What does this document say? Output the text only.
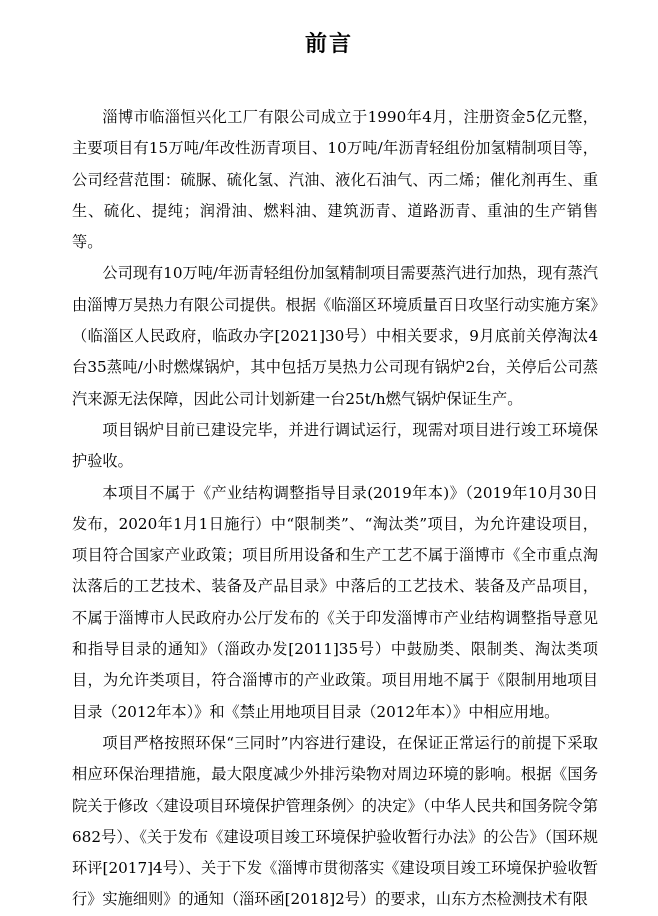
前言

淄博市临淄恒兴化工厂有限公司成立于1990年4月，注册资金5亿元整，主要项目有15万吨/年改性沥青项目、10万吨/年沥青轻组份加氢精制项目等，公司经营范围：硫脲、硫化氢、汽油、液化石油气、丙二烯；催化剂再生、重生、硫化、提纯；润滑油、燃料油、建筑沥青、道路沥青、重油的生产销售等。

公司现有10万吨/年沥青轻组份加氢精制项目需要蒸汽进行加热，现有蒸汽由淄博万昊热力有限公司提供。根据《临淄区环境质量百日攻坚行动实施方案》（临淄区人民政府，临政办字[2021]30号）中相关要求，9月底前关停淘汰4台35蒸吨/小时燃煤锅炉，其中包括万昊热力公司现有锅炉2台，关停后公司蒸汽来源无法保障，因此公司计划新建一台25t/h燃气锅炉保证生产。

项目锅炉目前已建设完毕，并进行调试运行，现需对项目进行竣工环境保护验收。

本项目不属于《产业结构调整指导目录(2019年本)》（2019年10月30日发布，2020年1月1日施行）中“限制类”、“淘汰类”项目，为允许建设项目，项目符合国家产业政策；项目所用设备和生产工艺不属于淄博市《全市重点淘汰落后的工艺技术、装备及产品目录》中落后的工艺技术、装备及产品项目，不属于淄博市人民政府办公厅发布的《关于印发淄博市产业结构调整指导意见和指导目录的通知》（淄政办发[2011]35号）中鼓励类、限制类、淘汰类项目，为允许类项目，符合淄博市的产业政策。项目用地不属于《限制用地项目目录（2012年本）》和《禁止用地项目目录（2012年本）》中相应用地。

项目严格按照环保“三同时”内容进行建设，在保证正常运行的前提下采取相应环保治理措施，最大限度减少外排污染物对周边环境的影响。根据《国务院关于修改〈建设项目环境保护管理条例〉的决定》（中华人民共和国务院令第682号）、《关于发布《建设项目竣工环境保护验收暂行办法》的公告》（国环规环评[2017]4号）、关于下发《淄博市贯彻落实《建设项目竣工环境保护验收暂行》实施细则》的通知（淄环函[2018]2号）的要求，山东方杰检测技术有限
